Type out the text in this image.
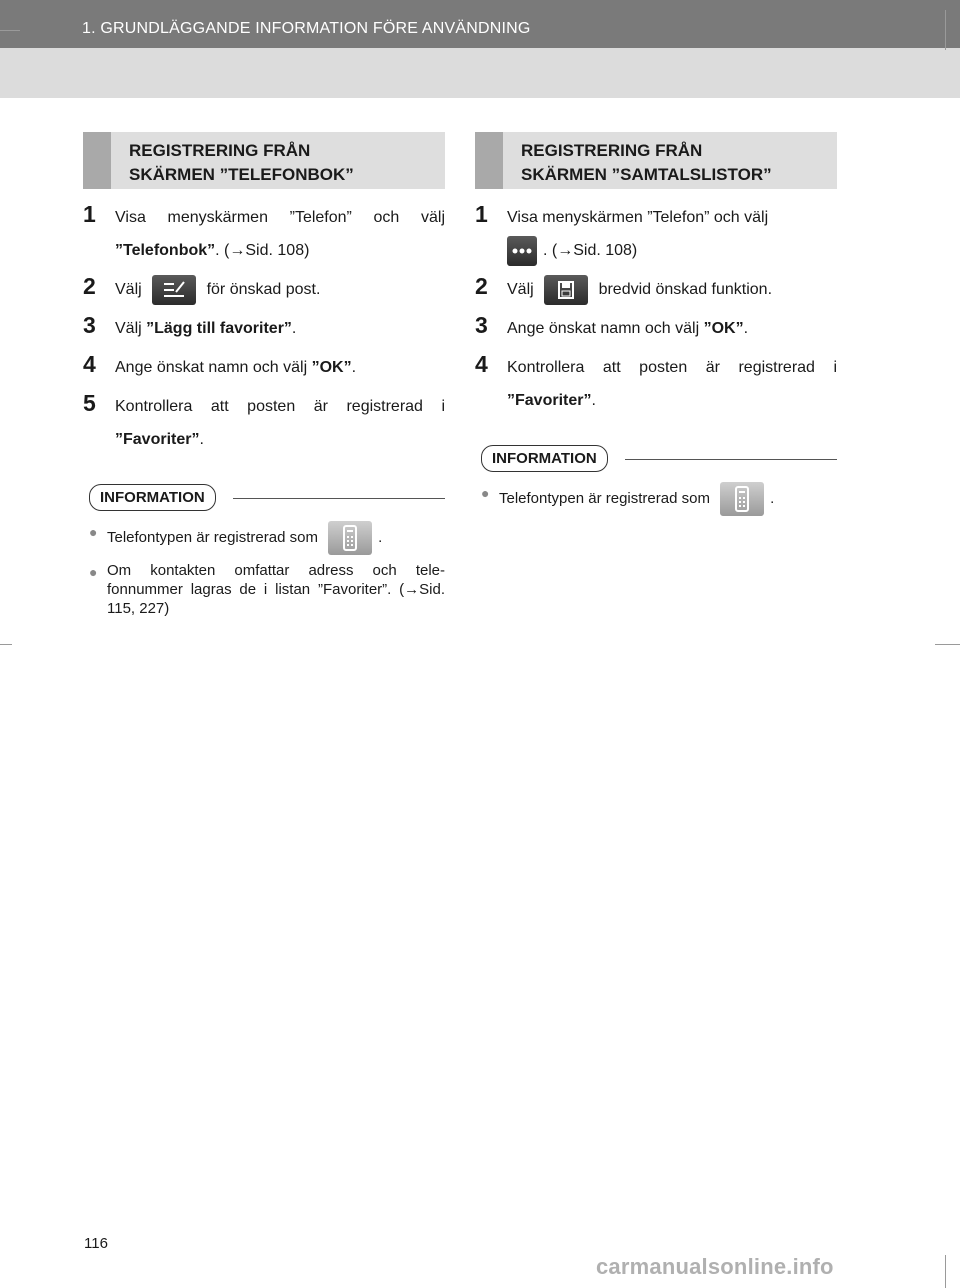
1. GRUNDLÄGGANDE INFORMATION FÖRE ANVÄNDNING
REGISTRERING FRÅN
SKÄRMEN ”TELEFONBOK”
1 Visa menyskärmen ”Telefon” och välj ”Telefonbok”. (→Sid. 108)
2 Välj	för önskad post.
3 Välj ”Lägg till favoriter”.
4 Ange önskat namn och välj ”OK”.
5 Kontrollera att posten är registrerad i ”Favoriter”.
INFORMATION
● Telefontypen är registrerad som	.
● Om kontakten omfattar adress och tele-fonnummer lagras de i listan ”Favoriter”. (→Sid. 115, 227)
REGISTRERING FRÅN
SKÄRMEN ”SAMTALSLISTOR”
1 Visa menyskärmen ”Telefon” och välj
. (→Sid. 108)
2 Välj	bredvid önskad funktion.
3 Ange önskat namn och välj ”OK”.
4 Kontrollera att posten är registrerad i ”Favoriter”.
INFORMATION
● Telefontypen är registrerad som	.
116
carmanualsonline.info
